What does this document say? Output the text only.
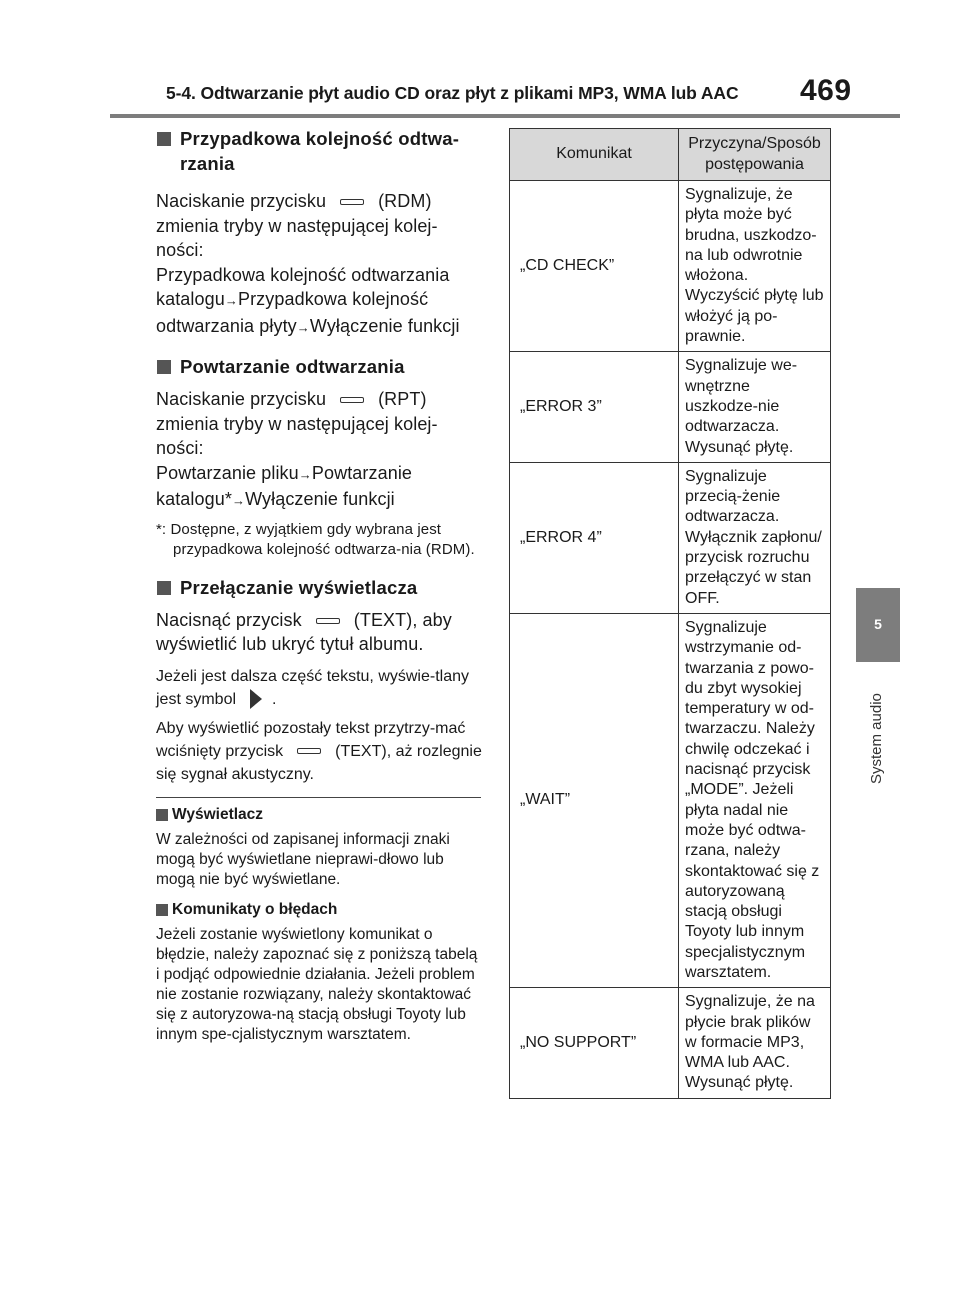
5-4. Odtwarzanie płyt audio CD oraz płyt z plikami MP3, WMA lub AAC 469
5
System audio

Przypadkowa kolejność odtwa-rzania

Naciskanie przycisku	(RDM) zmienia tryby w następującej kolej-ności:

Przypadkowa kolejność odtwarzania katalogu→Przypadkowa kolejność odtwarzania płyty→Wyłączenie funkcji

Powtarzanie odtwarzania

Naciskanie przycisku	(RPT) zmienia tryby w następującej kolej-ności:

Powtarzanie pliku→Powtarzanie katalogu*→Wyłączenie funkcji

*: Dostępne, z wyjątkiem gdy wybrana jest przypadkowa kolejność odtwarza-nia (RDM).

Przełączanie wyświetlacza

Nacisnąć przycisk	(TEXT), aby wyświetlić lub ukryć tytuł albumu.

Jeżeli jest dalsza część tekstu, wyświe-tlany jest symbol .

Aby wyświetlić pozostały tekst przytrzy-mać wciśnięty przycisk	(TEXT), aż rozlegnie się sygnał akustyczny.

Wyświetlacz

W zależności od zapisanej informacji znaki mogą być wyświetlane nieprawi-dłowo lub mogą nie być wyświetlane.

Komunikaty o błędach

Jeżeli zostanie wyświetlony komunikat o błędzie, należy zapoznać się z poniższą tabelą i podjąć odpowiednie działania. Jeżeli problem nie zostanie rozwiązany, należy skontaktować się z autoryzowa-ną stacją obsługi Toyoty lub innym spe-cjalistycznym warsztatem.

Komunikat	Przyczyna/Sposób postępowania
„CD CHECK”	Sygnalizuje, że płyta może być brudna, uszkodzo-na lub odwrotnie włożona. Wyczyścić płytę lub włożyć ją po-prawnie.
„ERROR 3”	Sygnalizuje we-wnętrzne uszkodze-nie odtwarzacza. Wysunąć płytę.
„ERROR 4”	Sygnalizuje przecią-żenie odtwarzacza. Wyłącznik zapłonu/ przycisk rozruchu przełączyć w stan OFF.
„WAIT”	Sygnalizuje wstrzymanie od-twarzania z powo-du zbyt wysokiej temperatury w od-twarzaczu. Należy chwilę odczekać i nacisnąć przycisk „MODE”. Jeżeli płyta nadal nie może być odtwa-rzana, należy skontaktować się z autoryzowaną stacją obsługi Toyoty lub innym specjalistycznym warsztatem.
„NO SUPPORT”	Sygnalizuje, że na płycie brak plików w formacie MP3, WMA lub AAC. Wysunąć płytę.
